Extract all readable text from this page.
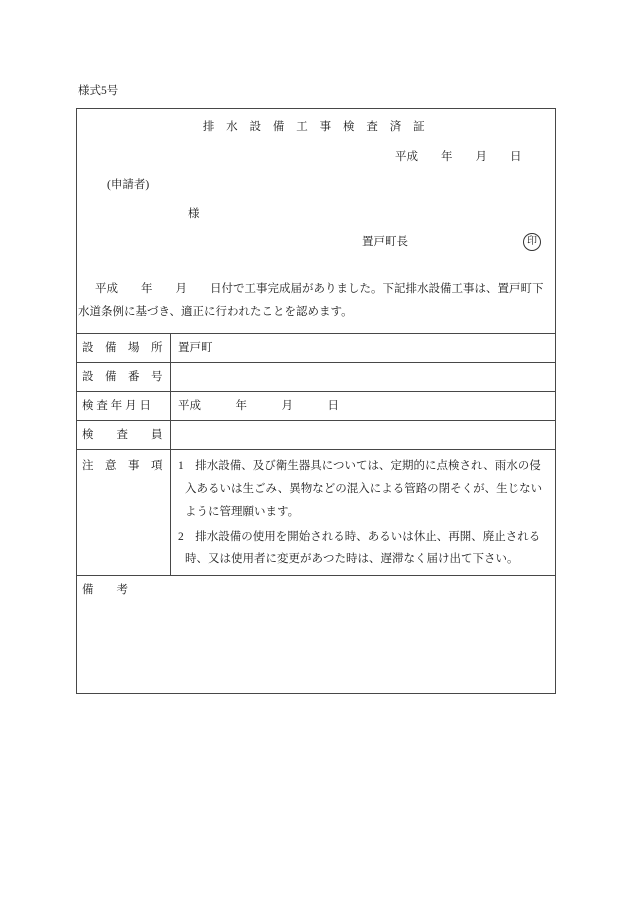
様式5号
排 水 設 備 工 事 検 査 済 証
平成　　年　　月　　日
(申請者)
様
置戸町長	印
平成　　年　　月　　日付で工事完成届がありました。下記排水設備工事は、置戸町下
水道条例に基づき、適正に行われたことを認めます。
設　備　場　所	置戸町
設　備　番　号
検 査 年 月 日	平成　　　年　　　月　　　日
検　　査　　員
注　意　事　項	1　排水設備、及び衛生器具については、定期的に点検され、雨水の侵
入あるいは生ごみ、異物などの混入による管路の閉そくが、生じない
ように管理願います。
2　排水設備の使用を開始される時、あるいは休止、再開、廃止される
時、又は使用者に変更があつた時は、遅滞なく届け出て下さい。
備　　考
